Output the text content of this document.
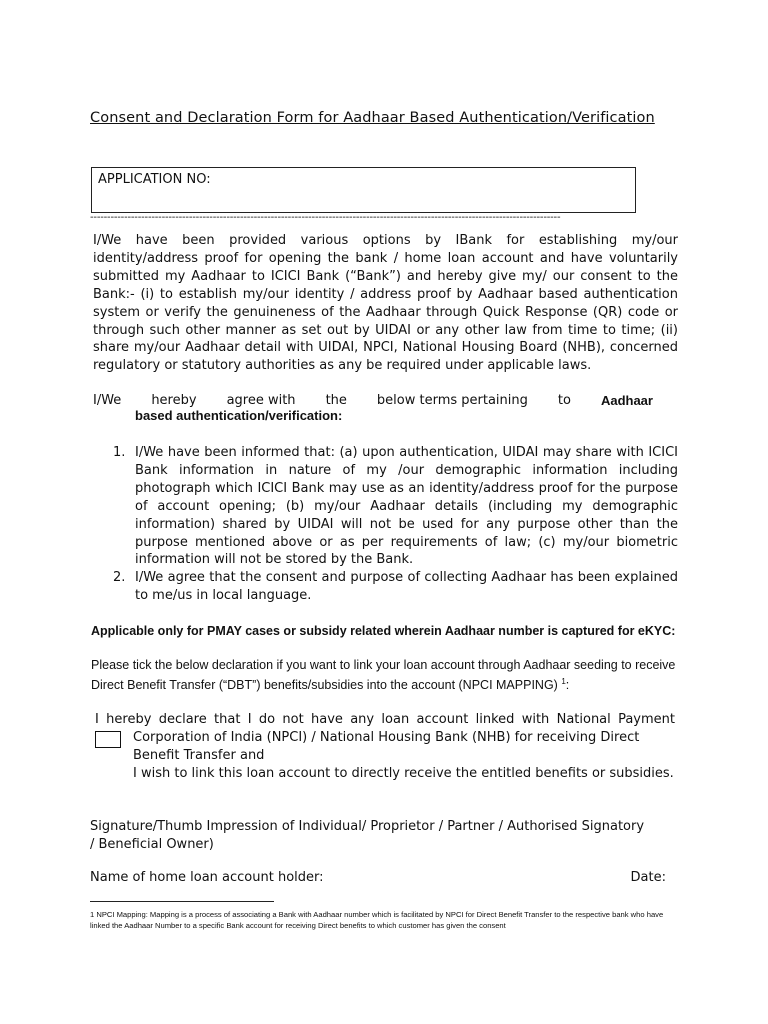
Consent and Declaration Form for Aadhaar Based Authentication/Verification
APPLICATION NO:
------------------------------------------------------------------------------------------------------------------------------------------
I/We have been provided various options by IBank for establishing my/our identity/address proof for opening the bank / home loan account and have voluntarily submitted my Aadhaar to ICICI Bank (“Bank”) and hereby give my/ our consent to the Bank:- (i) to establish my/our identity / address proof by Aadhaar based authentication system or verify the genuineness of the Aadhaar through Quick Response (QR) code or through such other manner as set out by UIDAI or any other law from time to time; (ii) share my/our Aadhaar detail with UIDAI, NPCI, National Housing Board (NHB), concerned regulatory or statutory authorities as any be required under applicable laws.
I/We hereby agree with the below terms pertaining to Aadhaar
based authentication/verification:
1. I/We have been informed that: (a) upon authentication, UIDAI may share with ICICI Bank information in nature of my /our demographic information including photograph which ICICI Bank may use as an identity/address proof for the purpose of account opening; (b) my/our Aadhaar details (including my demographic information) shared by UIDAI will not be used for any purpose other than the purpose mentioned above or as per requirements of law; (c) my/our biometric information will not be stored by the Bank.
2. I/We agree that the consent and purpose of collecting Aadhaar has been explained to me/us in local language.
Applicable only for PMAY cases or subsidy related wherein Aadhaar number is captured for eKYC:
Please tick the below declaration if you want to link your loan account through Aadhaar seeding to receive Direct Benefit Transfer (“DBT”) benefits/subsidies into the account (NPCI MAPPING) $^1$:
I hereby declare that I do not have any loan account linked with National Payment
Corporation of India (NPCI) / National Housing Bank (NHB) for receiving Direct Benefit Transfer and
I wish to link this loan account to directly receive the entitled benefits or subsidies.
Signature/Thumb Impression of Individual/ Proprietor / Partner / Authorised Signatory / Beneficial Owner)
Name of home loan account holder:	Date:
1 NPCI Mapping: Mapping is a process of associating a Bank with Aadhaar number which is facilitated by NPCI for Direct Benefit Transfer to the respective bank who have linked the Aadhaar Number to a specific Bank account for receiving Direct benefits to which customer has given the consent
